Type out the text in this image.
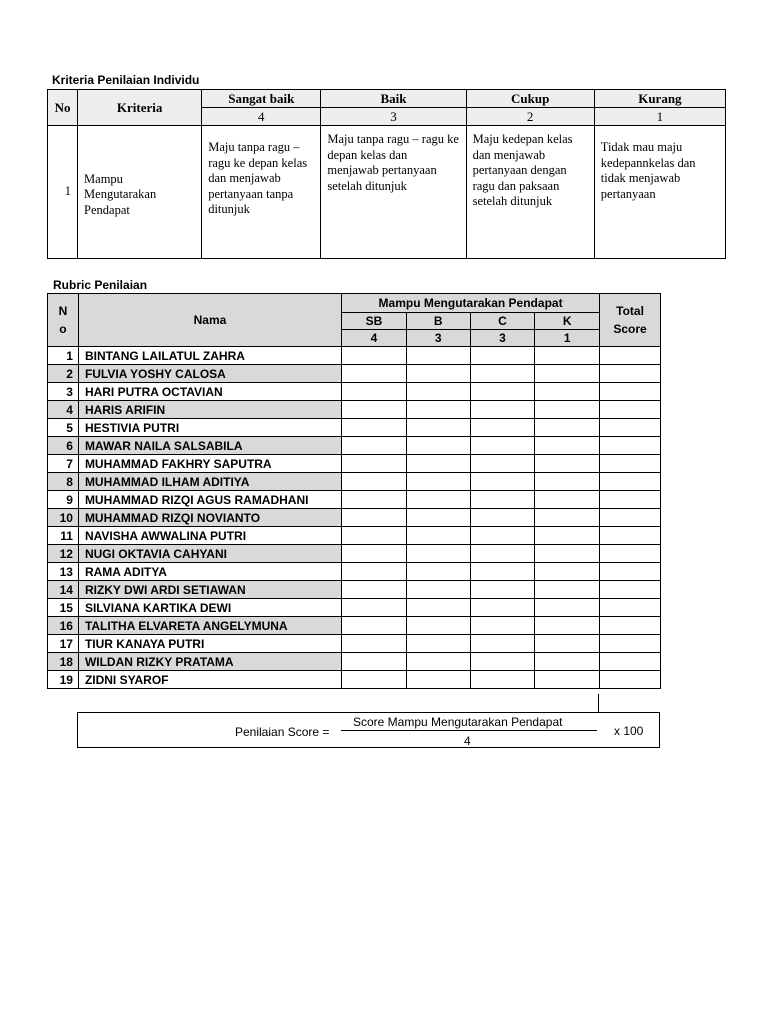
Kriteria Penilaian Individu
No	Kriteria	Sangat baik	Baik	Cukup	Kurang
		4	3	2	1
1	Mampu Mengutarakan Pendapat	Maju tanpa ragu – ragu ke depan kelas dan menjawab pertanyaan tanpa ditunjuk	Maju tanpa ragu – ragu ke depan kelas dan menjawab pertanyaan setelah ditunjuk	Maju kedepan kelas dan menjawab pertanyaan dengan ragu dan paksaan setelah ditunjuk	Tidak mau maju kedepannkelas dan tidak menjawab pertanyaan
Rubric Penilaian
N o	Nama	Mampu Mengutarakan Pendapat				Total Score
		SB	B	C	K	
		4	3	3	1	
1	BINTANG LAILATUL ZAHRA					
2	FULVIA YOSHY CALOSA					
3	HARI PUTRA OCTAVIAN					
4	HARIS ARIFIN					
5	HESTIVIA PUTRI					
6	MAWAR NAILA SALSABILA					
7	MUHAMMAD FAKHRY SAPUTRA					
8	MUHAMMAD ILHAM ADITIYA					
9	MUHAMMAD RIZQI AGUS RAMADHANI					
10	MUHAMMAD RIZQI NOVIANTO					
11	NAVISHA AWWALINA PUTRI					
12	NUGI OKTAVIA CAHYANI					
13	RAMA ADITYA					
14	RIZKY DWI ARDI SETIAWAN					
15	SILVIANA KARTIKA DEWI					
16	TALITHA ELVARETA ANGELYMUNA					
17	TIUR KANAYA PUTRI					
18	WILDAN RIZKY PRATAMA					
19	ZIDNI SYAROF					
Penilaian Score =
Score Mampu Mengutarakan Pendapat
4
x 100
